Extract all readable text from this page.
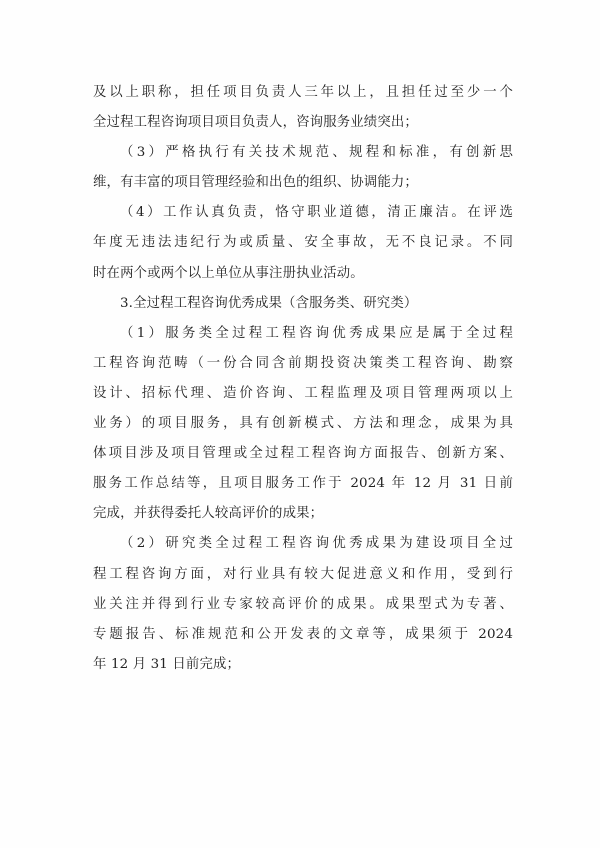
及以上职称，担任项目负责人三年以上，且担任过至少一个
全过程工程咨询项目项目负责人，咨询服务业绩突出；
（3）严格执行有关技术规范、规程和标准，有创新思
维，有丰富的项目管理经验和出色的组织、协调能力；
（4）工作认真负责，恪守职业道德，清正廉洁。在评选
年度无违法违纪行为或质量、安全事故，无不良记录。不同
时在两个或两个以上单位从事注册执业活动。
3.全过程工程咨询优秀成果（含服务类、研究类）
（1）服务类全过程工程咨询优秀成果应是属于全过程
工程咨询范畴（一份合同含前期投资决策类工程咨询、勘察
设计、招标代理、造价咨询、工程监理及项目管理两项以上
业务）的项目服务，具有创新模式、方法和理念，成果为具
体项目涉及项目管理或全过程工程咨询方面报告、创新方案、
服务工作总结等，且项目服务工作于 2024 年 12 月 31 日前
完成，并获得委托人较高评价的成果；
（2）研究类全过程工程咨询优秀成果为建设项目全过
程工程咨询方面，对行业具有较大促进意义和作用，受到行
业关注并得到行业专家较高评价的成果。成果型式为专著、
专题报告、标准规范和公开发表的文章等，成果须于 2024
年 12 月 31 日前完成；
